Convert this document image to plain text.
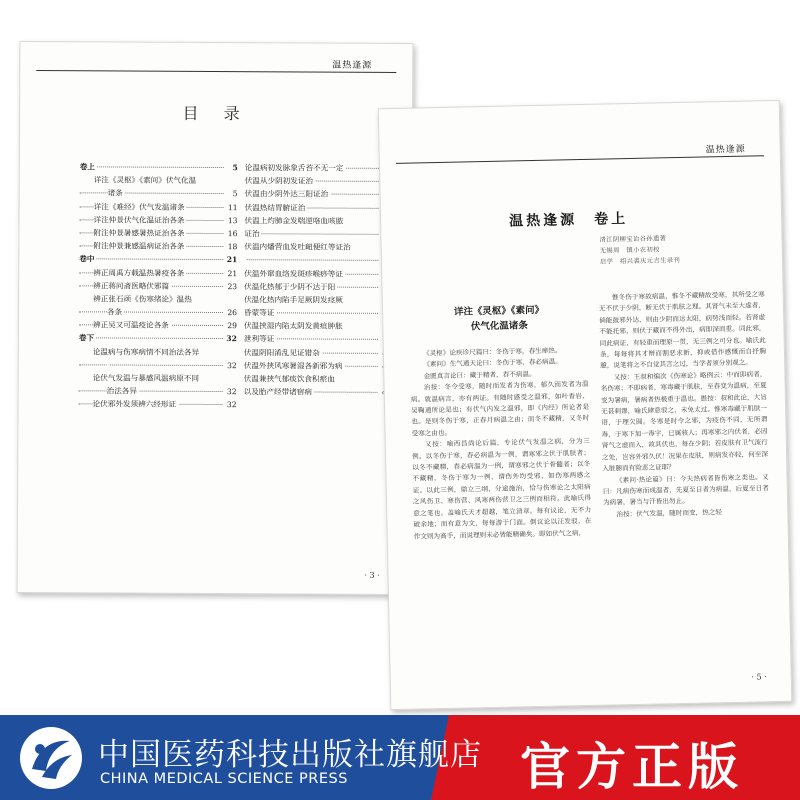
温热逢源
目 录
卷上	5
详注《灵枢》《素问》伏气化温
诸条	5
详注《难经》伏气发温诸条	11
详注仲景伏气化温证治各条	13
附注仲景暑感暑热证治各条	16
附注仲景兼感温病证治各条	18
卷中	21
辨正周禹方载温热暑疫各条	21
辨正蒋问斋医略伏邪篇	23
辨正张石顽《伤寒绪论》温热
各条	26
辨正吴又可温疫论各条	29
卷下	32
论温病与伤寒病情不同治法各异
32
论伏气发温与暴感风温病原不同
治法各异	32
论伏邪外发须辨六经形证	32
论温病初发脉象舌苔不无一定
伏温从少阴初发证治
伏温由少阴外达三阳证治
伏温热结胃腑证治
伏温上灼肺金发喘逆咯血咳脓
证治
伏温内燔营血发吐衄便红等证治
伏温外窜血络发斑疹喉痧等证
伏温化热郁于少阴不达于阳
伏温化热内陷手足厥阴发痉厥
昏蒙等证
伏温挟湿内陷太阴发黄疸肿胀
泄利等证
伏温阴阳淆乱见证错杂
伏温外挟风寒暑湿各新邪为病
伏温兼挟气郁痰饮食积瘀血
以及胎产经带诸宿病
· 3 ·
温热逢源
温热逢源　卷上
清江阴柳宝诒谷孙遗著
无锡周　镇小农初校
启学　绍兴裘庆元吉生录刊
详注《灵枢》《素问》
伏气化温诸条

《灵枢》论疾诊尺篇曰：冬伤于寒，春生瘅热。

《素问》生气通天论曰：冬伤于寒，春必病温。

金匮真言论曰：藏于精者，春不病温。

治按：冬令受寒，随时而发者为伤寒，郁久而发者为温病。就温病言，亦有两证。有随时感受之温邪，如叶香岩、吴鞠通所论是也；有伏气内发之温邪，即《内经》所论者是也。是则冬伤于寒，正春月病温之由；而冬不藏精，又冬时受寒之由也。

又按：喻西昌尚论后篇，专论伏气发温之病，分为三例。以冬伤于寒，春必病温为一例，谓寒邪之伏于肌肤者；以冬不藏精，春必病温为一例，谓寒邪之伏于骨髓者；以冬不藏精，冬伤于寒为一例，谓伤外均受邪，如伤寒两感之证。以此三例，鼎立三纲，分途施治，恰与伤寒论之太阳病之风伤卫、寒伤营、风寒两伤营卫之三例而相符。此喻氏得意之笔也。盖喻氏天才超越，笔立清章。每有议论，无不力破余地；而有意为文，每每游于门面。倒议论以汪发驳，在作文则为高手，而说理则未必皆能精确矣。即如伏气之病，

惟冬伤于寒故病温，惟冬不藏精故受寒，其所受之寒无不伏于少阴，断无伏于肌肤之理。其肾气未至大虚者，倘能鼓邪外达，则由少阴而达太阳，病势浅而轻。若肾虚不能托邪，则伏于藏而不得外出，病即深而重。同此邪，同此病证，有轻重而理原一贯，无三例之可分也。喻氏此条，每每将其才辩而割恶求新，抑或借作感慨而自抒胸臆，说笔将之不自觉其言之过，当学者须分别观之。

又按：王叔和编次《伤寒论》略例云：中而即病者，名伤寒；不即病者，寒毒藏于肌肤，至春变为温病，至夏变为暑病，暑病者热极重于温也。愚按：叔和此论，大旨无甚刺谬，喻氏肆意驳之，未免太过。惟寒毒藏于肌肤一语，于理欠圆。冬寒是时令之邪，为疫伤不同，无所谓毒，于寒下加一毒字，已属骇人；再寒邪之内伏者，必因肾气之虚而入，故其伏也，每在少阴；若皮肤有卫气流行之处，岂容外邪久伏！况果在皮肤，则病发亦轻，何至深入脏腑而有险恶之证耶？

《素问·热论篇》曰：今夫热病者皆伤寒之类也。又曰：凡病伤寒而成温者，先夏至日者为病温，后夏至日者为病暑，暑当与汗皆出勿止。

治按：伏气发温，随时而变，热之轻

· 5 ·
中国医药科技出版社旗舰店
CHINA MEDICAL SCIENCE PRESS	官方正版
